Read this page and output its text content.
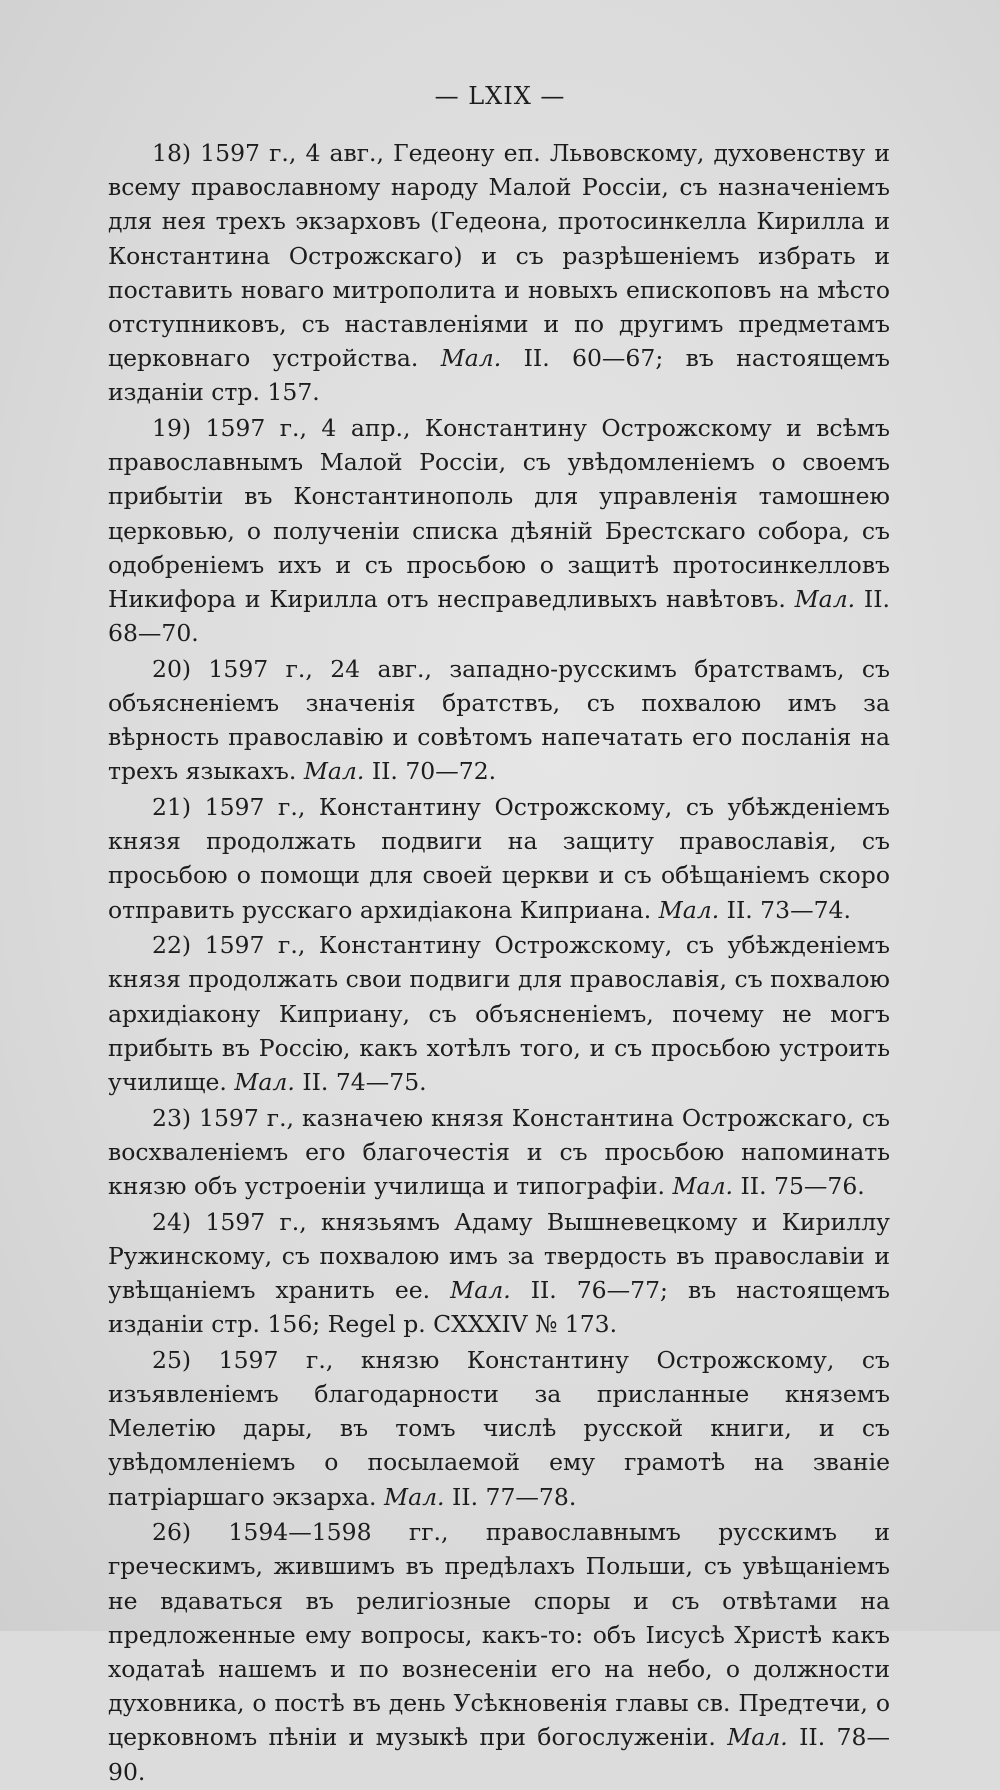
— LXIX —

18) 1597 г., 4 авг., Гедеону еп. Львовскому, духовенству и всему православному народу Малой Россiи, съ назначенiемъ для нея трехъ экзарховъ (Гедеона, протосинкелла Кирилла и Константина Острожскаго) и съ разрѣшенiемъ избрать и поставить новаго митрополита и новыхъ епископовъ на мѣсто отступниковъ, съ наставленiями и по другимъ предметамъ церковнаго устройства. Мал. II. 60—67; въ настоящемъ изданiи стр. 157.

19) 1597 г., 4 апр., Константину Острожскому и всѣмъ православнымъ Малой Россiи, съ увѣдомленiемъ о своемъ прибытiи въ Константинополь для управленiя тамошнею церковью, о полученiи списка дѣянiй Брестскаго собора, съ одобренiемъ ихъ и съ просьбою о защитѣ протосинкелловъ Никифора и Кирилла отъ несправедливыхъ навѣтовъ. Мал. II. 68—70.

20) 1597 г., 24 авг., западно-русскимъ братствамъ, съ объясненiемъ значенiя братствъ, съ похвалою имъ за вѣрность православiю и совѣтомъ напечатать его посланiя на трехъ языкахъ. Мал. II. 70—72.

21) 1597 г., Константину Острожскому, съ убѣжденiемъ князя продолжать подвиги на защиту православiя, съ просьбою о помощи для своей церкви и съ обѣщанiемъ скоро отправить русскаго архидiакона Киприана. Мал. II. 73—74.

22) 1597 г., Константину Острожскому, съ убѣжденiемъ князя продолжать свои подвиги для православiя, съ похвалою архидiакону Киприану, съ объясненiемъ, почему не могъ прибыть въ Россiю, какъ хотѣлъ того, и съ просьбою устроить училище. Мал. II. 74—75.

23) 1597 г., казначею князя Константина Острожскаго, съ восхваленiемъ его благочестiя и съ просьбою напоминать князю объ устроенiи училища и типографiи. Мал. II. 75—76.

24) 1597 г., князьямъ Адаму Вышневецкому и Кириллу Ружинскому, съ похвалою имъ за твердость въ православiи и увѣщанiемъ хранить ее. Мал. II. 76—77; въ настоящемъ изданiи стр. 156; Regel p. CXXXIV № 173.

25) 1597 г., князю Константину Острожскому, съ изъявленiемъ благодарности за присланные княземъ Мелетiю дары, въ томъ числѣ русской книги, и съ увѣдомленiемъ о посылаемой ему грамотѣ на званiе патрiаршаго экзарха. Мал. II. 77—78.

26) 1594—1598 гг., православнымъ русскимъ и греческимъ, жившимъ въ предѣлахъ Польши, съ увѣщанiемъ не вдаваться въ религiозные споры и съ отвѣтами на предложенные ему вопросы, какъ-то: объ Iисусѣ Христѣ какъ ходатаѣ нашемъ и по вознесенiи его на небо, о должности духовника, о постѣ въ день Усѣкновенiя главы св. Предтечи, о церковномъ пѣнiи и музыкѣ при богослуженiи. Мал. II. 78—90.
